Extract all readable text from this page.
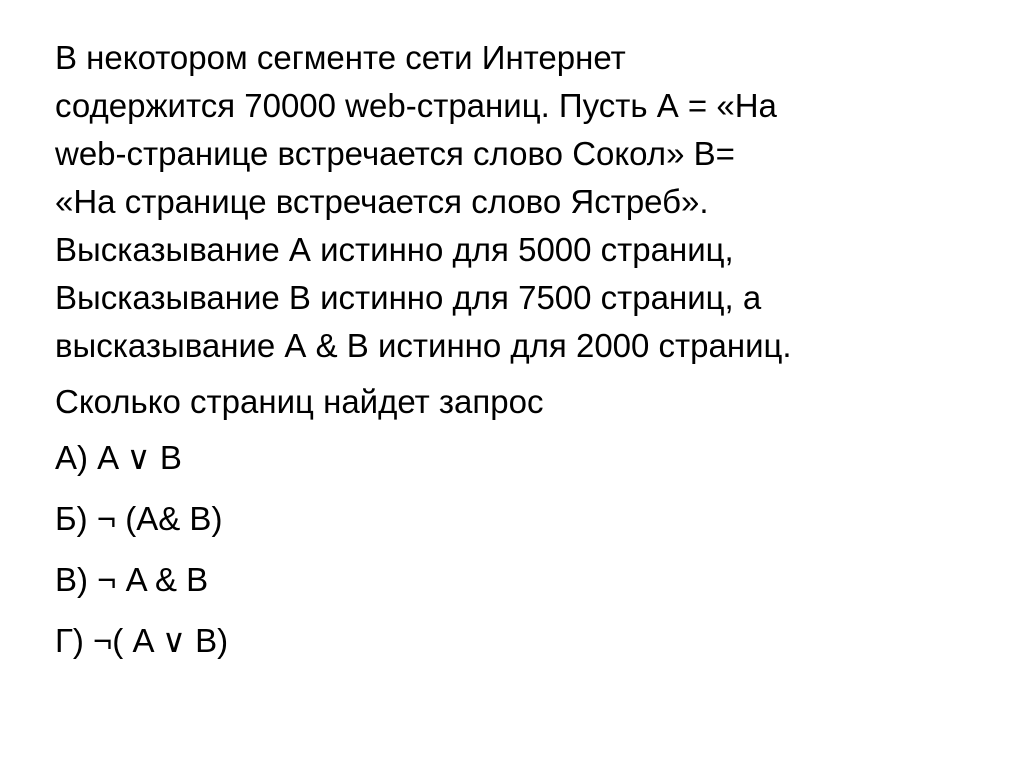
В некотором сегменте сети Интернет
содержится 70000 web-страниц. Пусть А = «На
web-странице встречается слово Сокол» В=
«На странице встречается слово Ястреб».
Высказывание А истинно для 5000 страниц,
Высказывание В истинно для 7500 страниц, а
высказывание А & В истинно для 2000 страниц.
Сколько страниц найдет запрос
А) A ∨ B
Б) ¬ (A& B)
В) ¬ A & B
Г) ¬( A ∨ B)
